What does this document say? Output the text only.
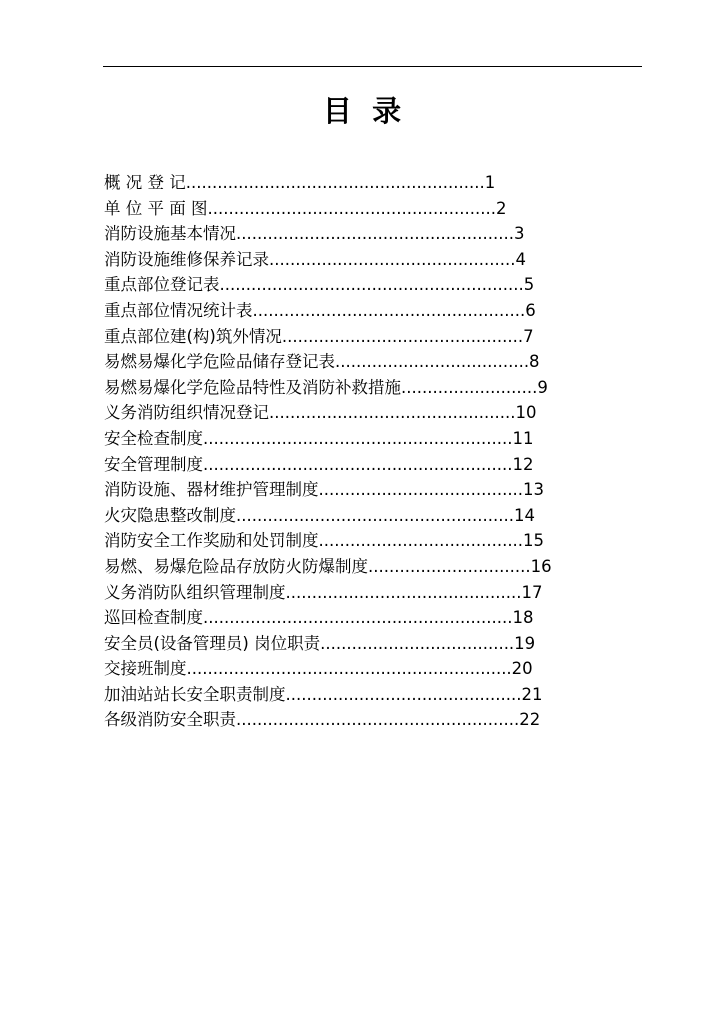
目  录
概 况 登 记.........................................................1
单 位 平 面 图.......................................................2
消防设施基本情况.....................................................3
消防设施维修保养记录...............................................4
重点部位登记表..........................................................5
重点部位情况统计表....................................................6
重点部位建(构)筑外情况..............................................7
易燃易爆化学危险品储存登记表.....................................8
易燃易爆化学危险品特性及消防补救措施..........................9
义务消防组织情况登记...............................................10
安全检查制度...........................................................11
安全管理制度...........................................................12
消防设施、器材维护管理制度.......................................13
火灾隐患整改制度.....................................................14
消防安全工作奖励和处罚制度.......................................15
易燃、易爆危险品存放防火防爆制度...............................16
义务消防队组织管理制度.............................................17
巡回检查制度...........................................................18
安全员(设备管理员) 岗位职责.....................................19
交接班制度..............................................................20
加油站站长安全职责制度.............................................21
各级消防安全职责......................................................22
